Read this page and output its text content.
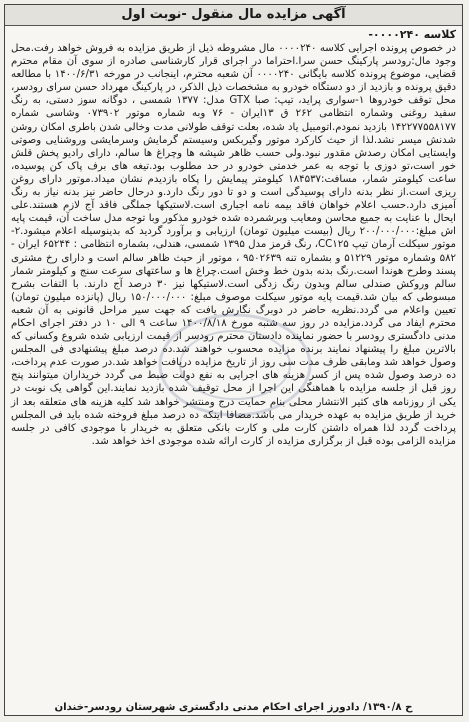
آگهی مزایده مال منقول -نوبت اول
کلاسه ۰۰۰۰۲۴۰-

در خصوص پرونده اجرایی کلاسه ۰۰۰۰۲۴۰ مال مشروطه ذیل از طریق مزایده به فروش خواهد رفت.محل وجود مال:رودسر پارکینگ حسن سرا.احتراما در اجرای قرار کارشناسی صادره از سوی آن مقام محترم قضایی، موضوع پرونده کلاسه بایگانی ۰۰۰۰۲۴۰ آن شعبه محترم، اینجانب در مورخه ۱۴۰۰/۶/۳۱ با مطالعه دقیق پرونده و بازدید از دو دستگاه خودرو به مشخصات ذیل الذکر، در پارکینگ مهرداد حسن سرای رودسر، محل توقف خودروها ۱-سواری پراید، تیپ: صبا GTX مدل: ۱۳۷۷ شمسی ، دوگانه سوز دستی، به رنگ سفید روغنی وشماره انتظامی ۲۶۲ ق ۱۳ایران - ۷۶ وبه شماره موتور ۰۷۳۹۰۲ وشاسی شماره ۱۴۲۲۷۷۵۵۸۱۷۷ بازدید نمودم.اتومبیل یاد شده، بعلت توقف طولانی مدت وخالی شدن باطری امکان روشن شدنش میسر نشد.لذا از حیث کارکرد موتور وگیربکس وسیستم گرمایش وسرمایشی وروشنایی وصوتی وایستایی امکان رصدش مقدور نبود.ولی حسب ظاهر شیشه ها وچراغ ها سالم، دارای رادیو پخش قلش خور است،تو دوزی با توجه به عمر خدمتی خودرو در حد مطلوب بود.تیغه های برف پاک کن پوسیده، ساعت کیلومتر شمار، مسافت:۱۸۴۵۳۷ کیلومتر پیمایش را پکاه بازدیدم نشان میداد.موتور دارای روغن ریزی است.از نظر بدنه دارای پوسیدگی است و دو تا دور رنگ دارد.و درحال حاضر نیز بدنه نیاز به رنگ آمیزی دارد.حسب اعلام خواهان فاقد بیمه نامه اجباری است.لاستیکها جملگی فاقد آج لازم هستند.علی ایحال با عنایت به جمیع محاسن ومعایب وبرشمرده شده خودرو مذکور وبا توجه مدل ساخت آن، قیمت پایه اش مبلغ:۲۰۰/۰۰۰/۰۰۰ ریال (بیست میلیون تومان) ارزیابی و برآورد گردید که بدینوسیله اعلام میشود.۲-موتور سیکلت آرمان تیپ CC۱۲۵، رنگ قرمز مدل ۱۳۹۵ شمسی، هندلی، بشماره انتظامی : ۶۵۲۴۴ ایران - ۵۸۲ وشماره موتور ۵۱۲۲۹ و بشماره تنه ۹۵۰۲۶۳۹ ، موتور از حیث ظاهر سالم است و دارای رخ مشتری پسند وطرح هوندا است.رنگ بدنه بدون خط وخش است.چراغ ها و ساعتهای سرعت سنج و کیلومتر شمار سالم وروکش صندلی سالم وبدون رنگ زدگی است.لاستیکها نیز ۳۰ درصد آج دارند. با التفات بشرح مبسوطی که بیان شد.قیمت پایه موتور سیکلت موصوف مبلغ: ۱۵۰/۰۰۰/۰۰۰ ریال (پانزده میلیون تومان) تعیین واعلام می گردد.نظریه حاضر در دوبرگ نگارش یافت که جهت سیر مراحل قانونی به آن شعبه محترم ایفاد می گردد.مزایده در روز سه شنبه مورخ ۱۴۰۰/۸/۱۸ ساعت ۹ الی ۱۰ در دفتر اجرای احکام مدنی دادگستری رودسر با حضور نماینده دادستان محترم رودسر از قیمت ارزیابی شده شروع وکسانی که بالاترین مبلغ را پیشنهاد نمایند برنده مزایده محسوب خواهند شد.ده درصد مبلغ پیشنهادی فی المجلس وصول خواهد شد ومابقی ظرف مدت سی روز از تاریخ مزایده دریافت خواهد شد.در صورت عدم پرداخت، ده درصد وصول شده پس از کسر هزینه های اجرایی به نفع دولت ضبط می گردد خریداران میتوانند پنج روز قبل از جلسه مزایده با هماهنگی این اجرا از محل توقیف شده بازدید نمایند.این گواهی یک نوبت در یکی از روزنامه های کثیر الانتشار محلی بنام حمایت درج ومنتشر خواهد شد کلیه هزینه های متعلقه بعد از خرید از طریق مزایده به عهده خریدار می باشد.مضافا اینکه ده درصد مبلغ فروخته شده باید فی المجلس پرداخت گردد لذا همراه داشتن کارت ملی و کارت بانکی متعلق به خریدار با موجودی کافی در جلسه مزایده الزامی بوده قبل از برگزاری مزایده از کارت ارائه شده موجودی اخذ خواهد شد.

ح ۱۳۹۰/۸/ دادورز اجرای احکام مدنی دادگستری شهرستان رودسر-خندان
